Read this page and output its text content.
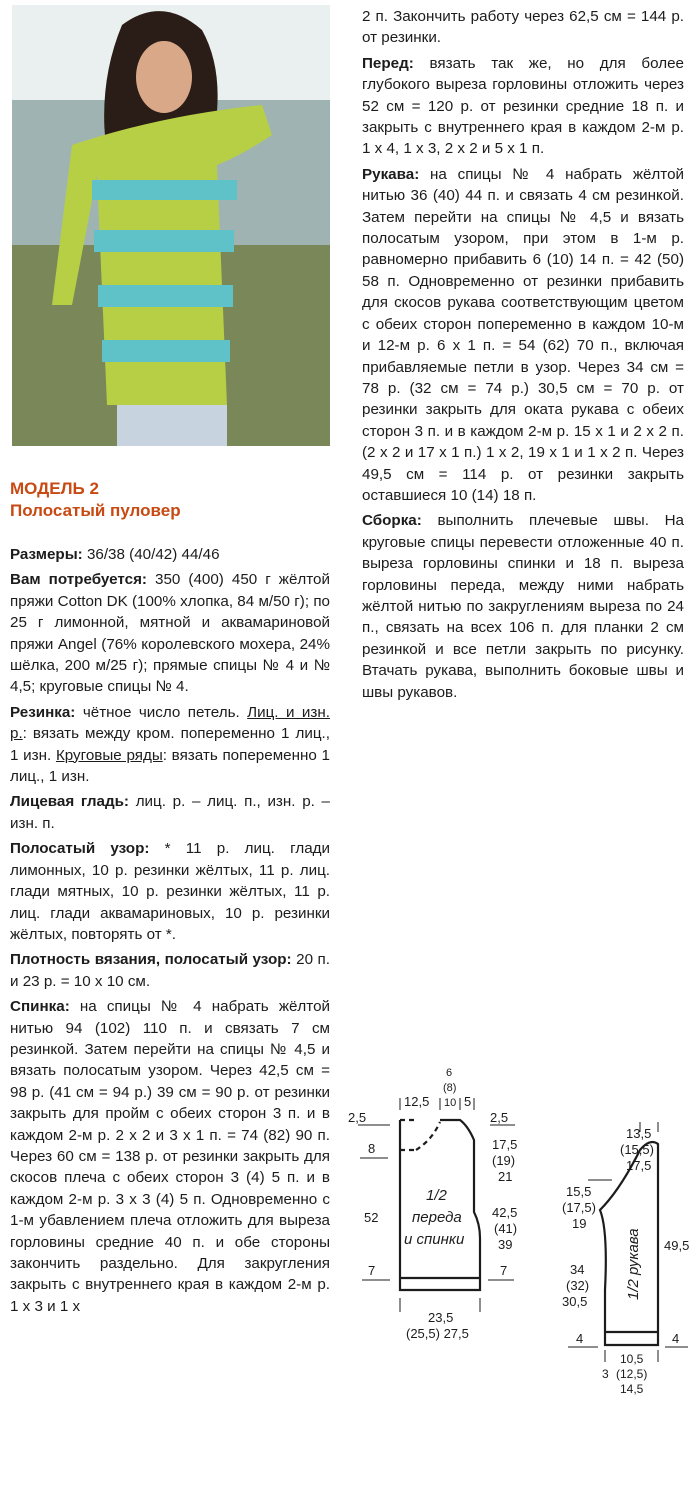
МОДЕЛЬ 2
Полосатый пуловер

Размеры: 36/38 (40/42) 44/46

Вам потребуется: 350 (400) 450 г жёлтой пряжи Cotton DK (100% хлопка, 84 м/50 г); по 25 г лимонной, мятной и аквамариновой пряжи Angel (76% королевского мохера, 24% шёлка, 200 м/25 г); прямые спицы № 4 и № 4,5; круговые спицы № 4.

Резинка: чётное число петель. Лиц. и изн. р.: вязать между кром. попеременно 1 лиц., 1 изн. Круговые ряды: вязать попеременно 1 лиц., 1 изн.

Лицевая гладь: лиц. р. – лиц. п., изн. р. – изн. п.

Полосатый узор: * 11 р. лиц. глади лимонных, 10 р. резинки жёлтых, 11 р. лиц. глади мятных, 10 р. резинки жёлтых, 11 р. лиц. глади аквамариновых, 10 р. резинки жёлтых, повторять от *.

Плотность вязания, полосатый узор: 20 п. и 23 р. = 10 х 10 см.

Спинка: на спицы № 4 набрать жёлтой нитью 94 (102) 110 п. и связать 7 см резинкой. Затем перейти на спицы № 4,5 и вязать полосатым узором. Через 42,5 см = 98 р. (41 см = 94 р.) 39 см = 90 р. от резинки закрыть для пройм с обеих сторон 3 п. и в каждом 2-м р. 2 х 2 и 3 х 1 п. = 74 (82) 90 п. Через 60 см = 138 р. от резинки закрыть для скосов плеча с обеих сторон 3 (4) 5 п. и в каждом 2-м р. 3 х 3 (4) 5 п. Одновременно с 1-м убавлением плеча отложить для выреза горловины средние 40 п. и обе стороны закончить раздельно. Для закругления закрыть с внутреннего края в каждом 2-м р. 1 х 3 и 1 х

2 п. Закончить работу через 62,5 см = 144 р. от резинки.

Перед: вязать так же, но для более глубокого выреза горловины отложить через 52 см = 120 р. от резинки средние 18 п. и закрыть с внутреннего края в каждом 2-м р. 1 х 4, 1 х 3, 2 х 2 и 5 х 1 п.

Рукава: на спицы № 4 набрать жёлтой нитью 36 (40) 44 п. и связать 4 см резинкой. Затем перейти на спицы № 4,5 и вязать полосатым узором, при этом в 1-м р. равномерно прибавить 6 (10) 14 п. = 42 (50) 58 п. Одновременно от резинки прибавить для скосов рукава соответствующим цветом с обеих сторон попеременно в каждом 10-м и 12-м р. 6 х 1 п. = 54 (62) 70 п., включая прибавляемые петли в узор. Через 34 см = 78 р. (32 см = 74 р.) 30,5 см = 70 р. от резинки закрыть для оката рукава с обеих сторон 3 п. и в каждом 2-м р. 15 х 1 и 2 х 2 п. (2 х 2 и 17 х 1 п.) 1 х 2, 19 х 1 и 1 х 2 п. Через 49,5 см = 114 р. от резинки закрыть оставшиеся 10 (14) 18 п.

Сборка: выполнить плечевые швы. На круговые спицы перевести отложенные 40 п. выреза горловины спинки и 18 п. выреза горловины переда, между ними набрать жёлтой нитью по закруглениям выреза по 24 п., связать на всех 106 п. для планки 2 см резинкой и все петли закрыть по рисунку. Втачать рукава, выполнить боковые швы и швы рукавов.

12,5
6
(8)
10 5
2,5	2,5
8	17,5
(19)
21
52
1/2
переда
и спинки
42,5
(41)
39
7	7
23,5
(25,5) 27,5
13,5
(15,5)
17,5
15,5
(17,5)
19
34
(32)
30,5
1/2 рукава 49,5
4	4
10,5
(12,5)
14,5
3
